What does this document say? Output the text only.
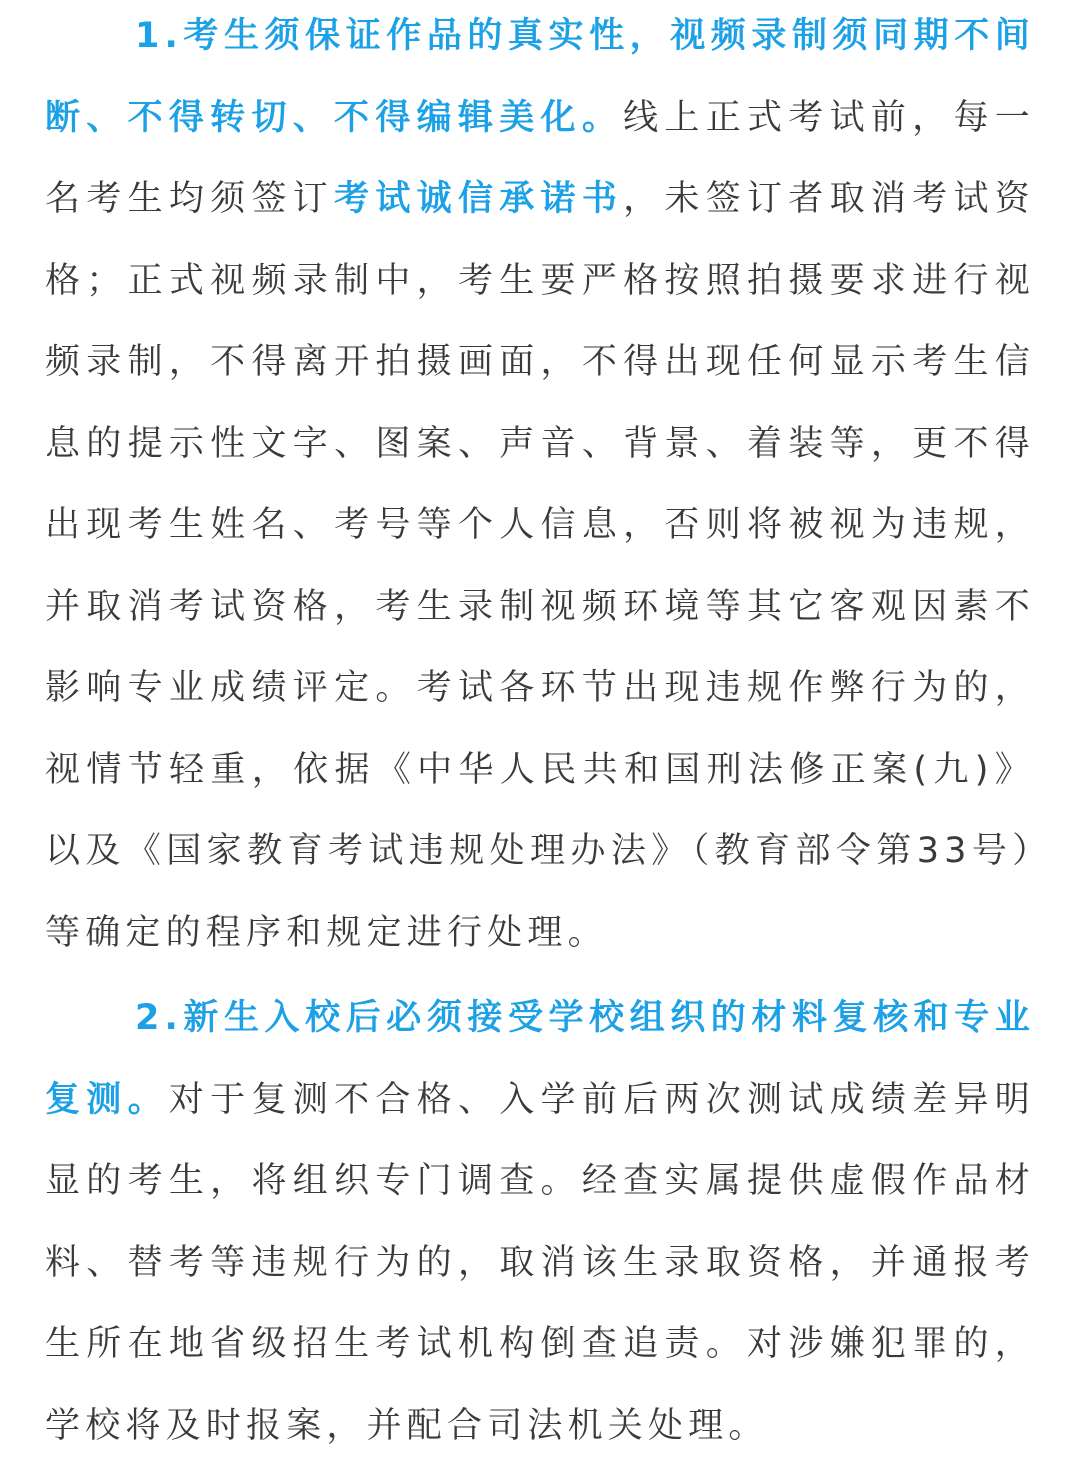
1.考生须保证作品的真实性，视频录制须同期不间断、不得转切、不得编辑美化。线上正式考试前，每一名考生均须签订考试诚信承诺书，未签订者取消考试资格；正式视频录制中，考生要严格按照拍摄要求进行视频录制，不得离开拍摄画面，不得出现任何显示考生信息的提示性文字、图案、声音、背景、着装等，更不得出现考生姓名、考号等个人信息，否则将被视为违规，并取消考试资格，考生录制视频环境等其它客观因素不影响专业成绩评定。考试各环节出现违规作弊行为的，视情节轻重，依据《中华人民共和国刑法修正案(九)》以及《国家教育考试违规处理办法》（教育部令第33号）等确定的程序和规定进行处理。

2.新生入校后必须接受学校组织的材料复核和专业复测。对于复测不合格、入学前后两次测试成绩差异明显的考生，将组织专门调查。经查实属提供虚假作品材料、替考等违规行为的，取消该生录取资格，并通报考生所在地省级招生考试机构倒查追责。对涉嫌犯罪的，学校将及时报案，并配合司法机关处理。
